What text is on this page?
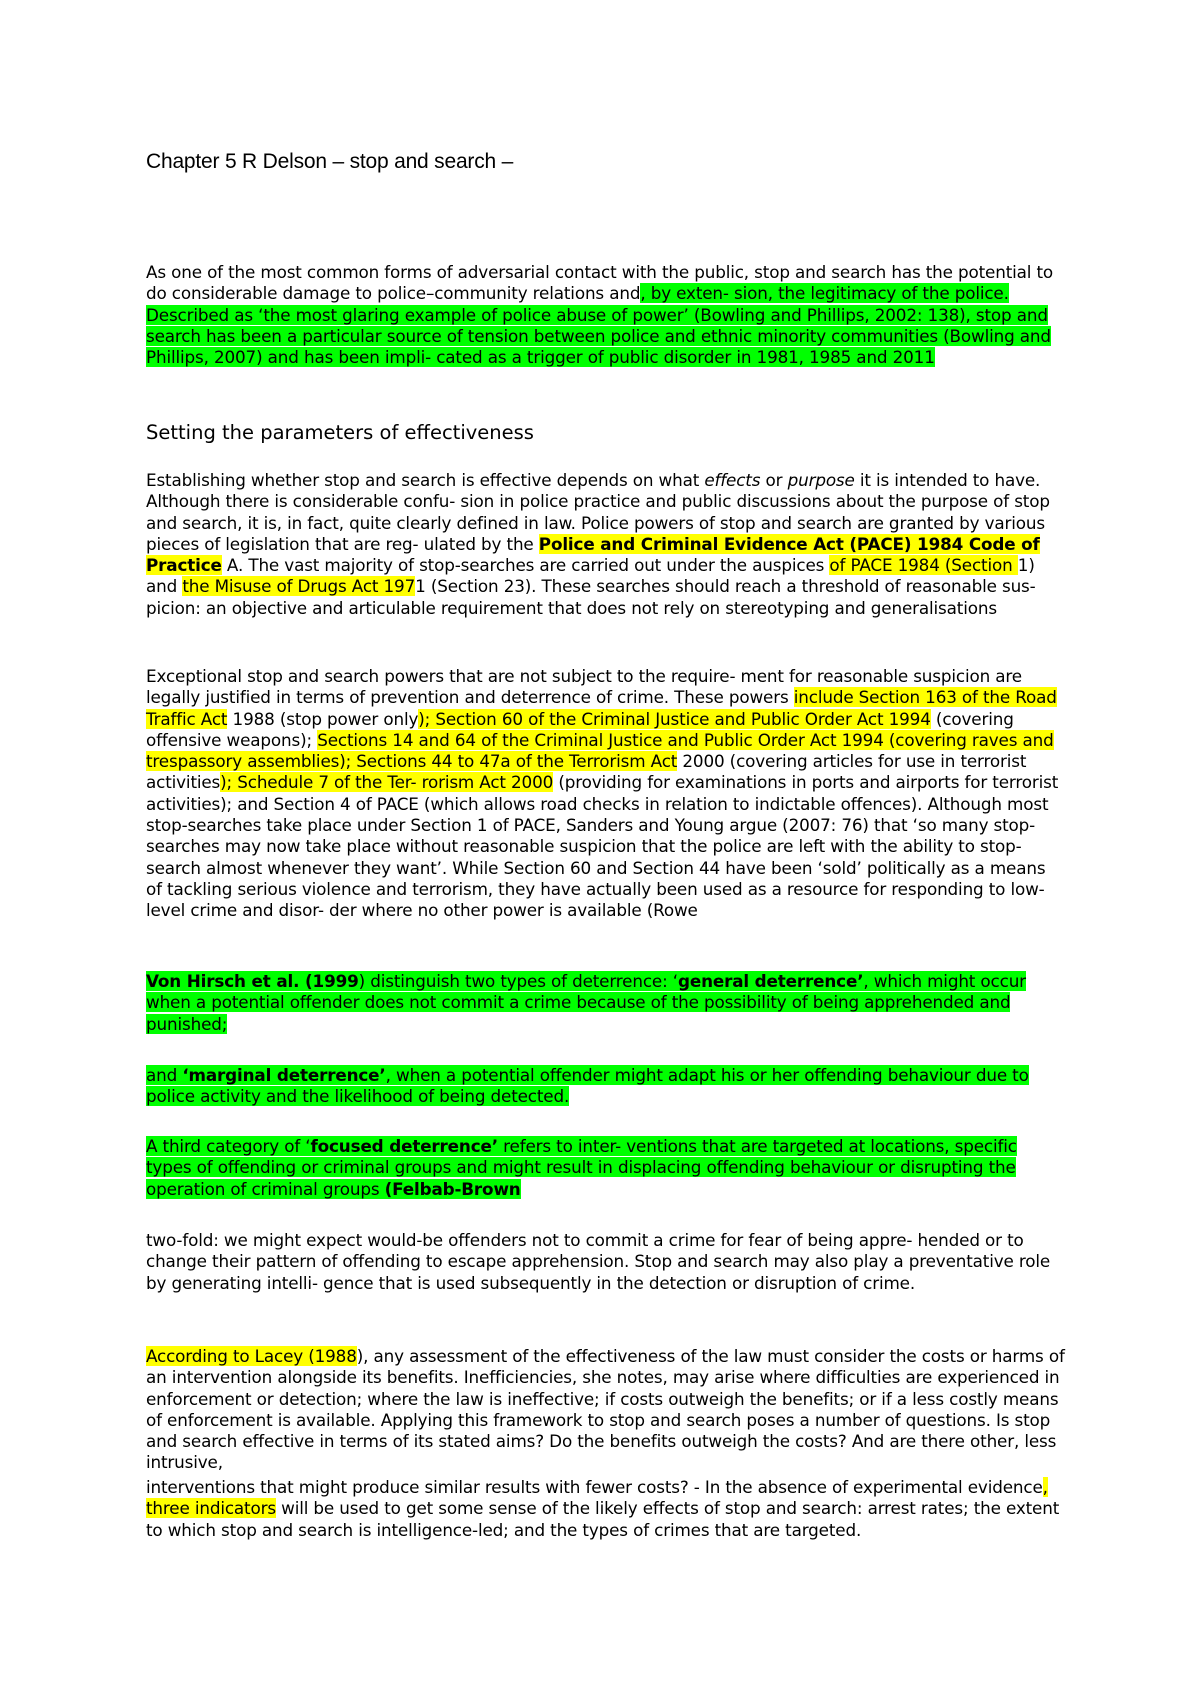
Chapter 5 R Delson – stop and search –

As one of the most common forms of adversarial contact with the public, stop and search has the potential to do considerable damage to police–community relations and, by exten- sion, the legitimacy of the police. Described as ‘the most glaring example of police abuse of power’ (Bowling and Phillips, 2002: 138), stop and search has been a particular source of tension between police and ethnic minority communities (Bowling and Phillips, 2007) and has been impli- cated as a trigger of public disorder in 1981, 1985 and 2011

Setting the parameters of effectiveness

Establishing whether stop and search is effective depends on what effects or purpose it is intended to have. Although there is considerable confu- sion in police practice and public discussions about the purpose of stop and search, it is, in fact, quite clearly defined in law. Police powers of stop and search are granted by various pieces of legislation that are reg- ulated by the Police and Criminal Evidence Act (PACE) 1984 Code of Practice A. The vast majority of stop-searches are carried out under the auspices of PACE 1984 (Section 1) and the Misuse of Drugs Act 1971 (Section 23). These searches should reach a threshold of reasonable sus- picion: an objective and articulable requirement that does not rely on stereotyping and generalisations

Exceptional stop and search powers that are not subject to the require- ment for reasonable suspicion are legally justified in terms of prevention and deterrence of crime. These powers include Section 163 of the Road Traffic Act 1988 (stop power only); Section 60 of the Criminal Justice and Public Order Act 1994 (covering offensive weapons); Sections 14 and 64 of the Criminal Justice and Public Order Act 1994 (covering raves and trespassory assemblies); Sections 44 to 47a of the Terrorism Act 2000 (covering articles for use in terrorist activities); Schedule 7 of the Ter- rorism Act 2000 (providing for examinations in ports and airports for terrorist activities); and Section 4 of PACE (which allows road checks in relation to indictable offences). Although most stop-searches take place under Section 1 of PACE, Sanders and Young argue (2007: 76) that ‘so many stop-searches may now take place without reasonable suspicion that the police are left with the ability to stop-search almost whenever they want’. While Section 60 and Section 44 have been ‘sold’ politically as a means of tackling serious violence and terrorism, they have actually been used as a resource for responding to low-level crime and disor- der where no other power is available (Rowe

Von Hirsch et al. (1999) distinguish two types of deterrence: ‘general deterrence’, which might occur when a potential offender does not commit a crime because of the possibility of being apprehended and punished;

and ‘marginal deterrence’, when a potential offender might adapt his or her offending behaviour due to police activity and the likelihood of being detected.

A third category of ‘focused deterrence’ refers to inter- ventions that are targeted at locations, specific types of offending or criminal groups and might result in displacing offending behaviour or disrupting the operation of criminal groups (Felbab-Brown

two-fold: we might expect would-be offenders not to commit a crime for fear of being appre- hended or to change their pattern of offending to escape apprehension. Stop and search may also play a preventative role by generating intelli- gence that is used subsequently in the detection or disruption of crime.

According to Lacey (1988), any assessment of the effectiveness of the law must consider the costs or harms of an intervention alongside its benefits. Inefficiencies, she notes, may arise where difficulties are experienced in enforcement or detection; where the law is ineffective; if costs outweigh the benefits; or if a less costly means of enforcement is available. Applying this framework to stop and search poses a number of questions. Is stop and search effective in terms of its stated aims? Do the benefits outweigh the costs? And are there other, less intrusive,

interventions that might produce similar results with fewer costs? - In the absence of experimental evidence, three indicators will be used to get some sense of the likely effects of stop and search: arrest rates; the extent to which stop and search is intelligence-led; and the types of crimes that are targeted.
